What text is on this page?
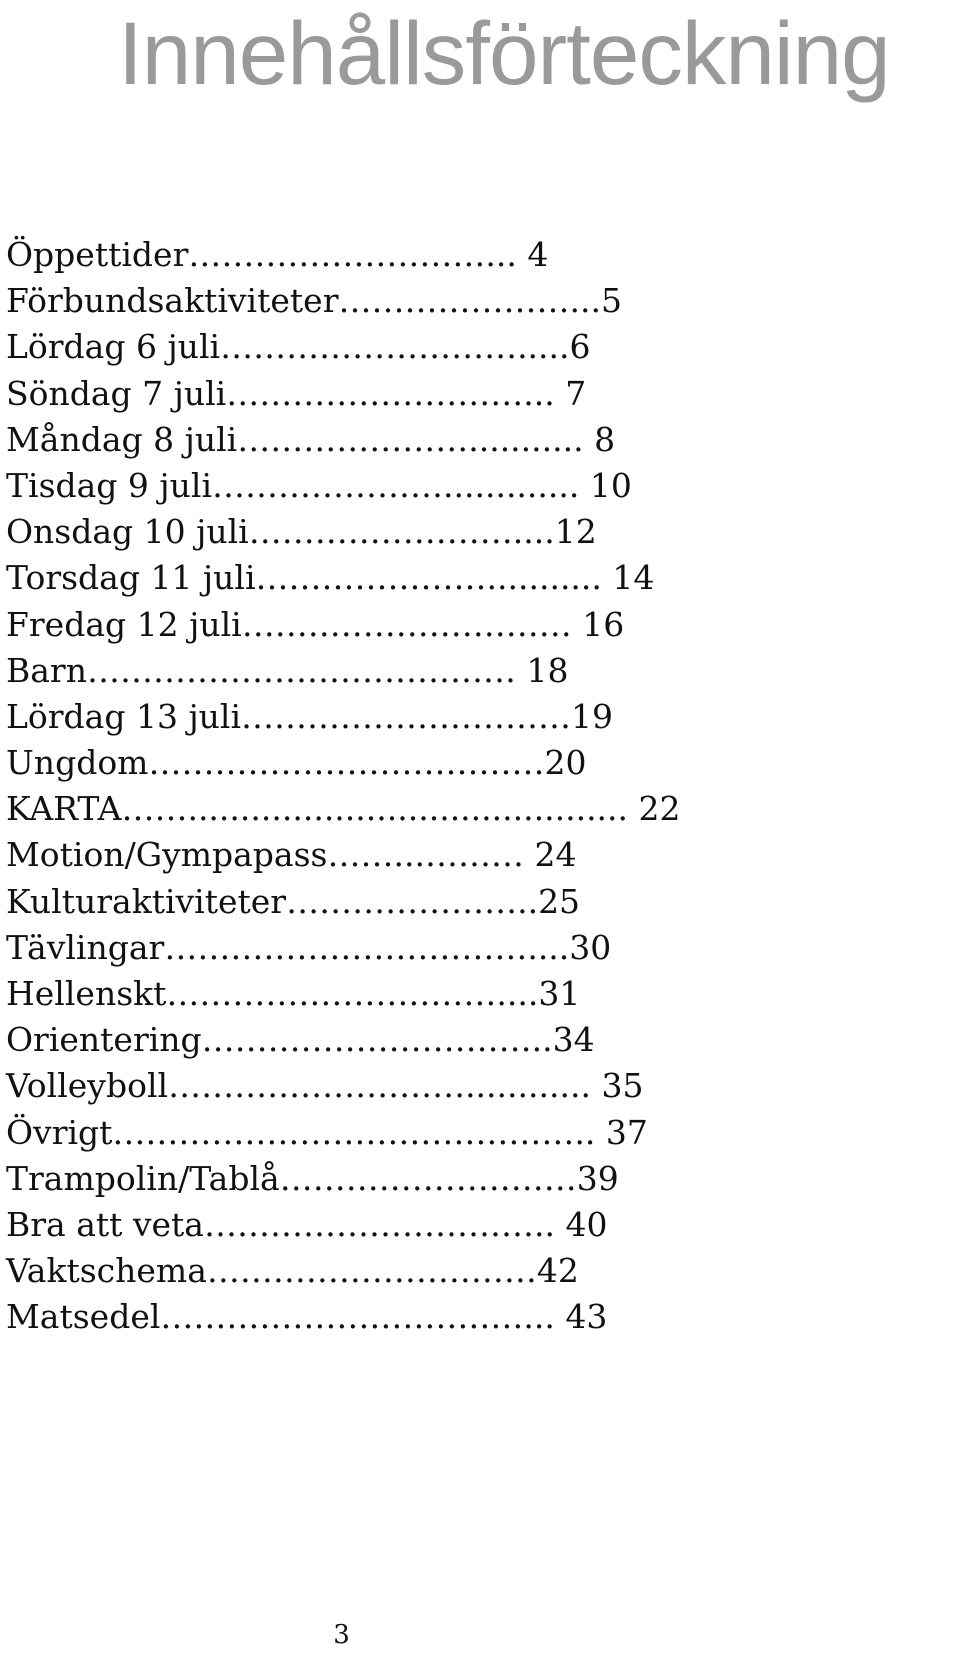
Innehållsförteckning
Öppettider………………………... 4
Förbundsaktiviteter…………………...5
Lördag 6 juli……………………….....6
Söndag 7 juli………………………... 7
Måndag 8 juli…………………........... 8
Tisdag 9 juli…………………............. 10
Onsdag 10 juli……………………....12
Torsdag 11 juli…………………........... 14
Fredag 12 juli………………………… 16
Barn………………………………… 18
Lördag 13 juli…………………………19
Ungdom………………………………20
KARTA…….......................................... 22
Motion/Gympapass……...……… 24
Kulturaktiviteter…………………..25
Tävlingar……………………………....30
Hellenskt…………………………....31
Orientering…………………………..34
Volleyboll………………………............ 35
Övrigt…………………………………….. 37
Trampolin/Tablå………………………39
Bra att veta………………………….. 40
Vaktschema…………………………42
Matsedel……………………………... 43
3
